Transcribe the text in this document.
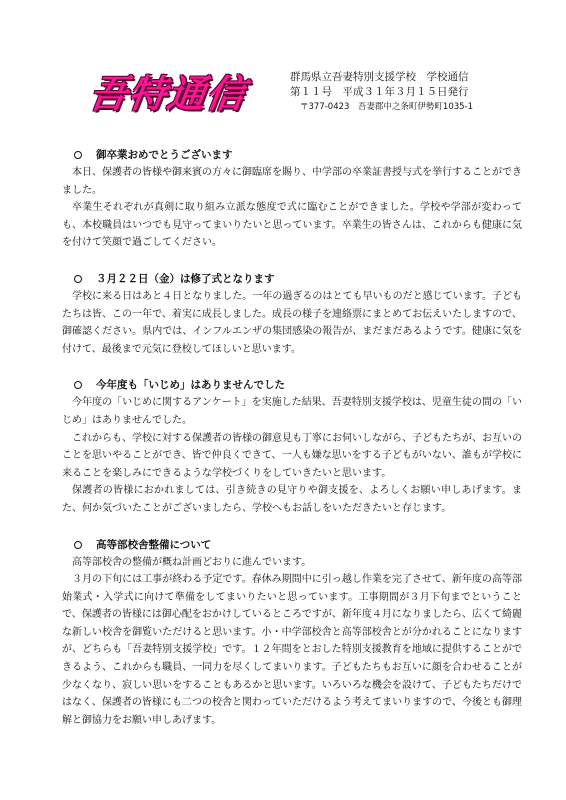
吾特通信	群馬県立吾妻特別支援学校　学校通信
第１１号　平成３１年３月１５日発行
〒377-0423　吾妻郡中之条町伊勢町1035-1
御卒業おめでとうございます

本日、保護者の皆様や御来賓の方々に御臨席を賜り、中学部の卒業証書授与式を挙行することができました。

卒業生それぞれが真剣に取り組み立派な態度で式に臨むことができました。学校や学部が変わっても、本校職員はいつでも見守ってまいりたいと思っています。卒業生の皆さんは、これからも健康に気を付けて笑顔で過ごしてください。

３月２２日（金）は修了式となります

学校に来る日はあと４日となりました。一年の過ぎるのはとても早いものだと感じています。子どもたちは皆、この一年で、着実に成長しました。成長の様子を連絡票にまとめてお伝えいたしますので、御確認ください。県内では、インフルエンザの集団感染の報告が、まだまだあるようです。健康に気を付けて、最後まで元気に登校してほしいと思います。

今年度も「いじめ」はありませんでした

今年度の「いじめに関するアンケート」を実施した結果、吾妻特別支援学校は、児童生徒の間の「いじめ」はありませんでした。

これからも、学校に対する保護者の皆様の御意見も丁寧にお伺いしながら、子どもたちが、お互いのことを思いやることができ、皆で仲良くできて、一人も嫌な思いをする子どもがいない、誰もが学校に来ることを楽しみにできるような学校づくりをしていきたいと思います。

保護者の皆様におかれましては、引き続きの見守りや御支援を、よろしくお願い申しあげます。また、何か気づいたことがございましたら、学校へもお話しをいただきたいと存じます。

高等部校舎整備について

高等部校舎の整備が概ね計画どおりに進んでいます。

３月の下旬には工事が終わる予定です。春休み期間中に引っ越し作業を完了させて、新年度の高等部始業式・入学式に向けて準備をしてまいりたいと思っています。工事期間が３月下旬までということで、保護者の皆様には御心配をおかけしているところですが、新年度４月になりましたら、広くて綺麗な新しい校舎を御覧いただけると思います。小・中学部校舎と高等部校舎とが分かれることになりますが、どちらも「吾妻特別支援学校」です。１２年間をとおした特別支援教育を地域に提供することができるよう、これからも職員、一同力を尽くしてまいります。子どもたちもお互いに顔を合わせることが少なくなり、寂しい思いをすることもあるかと思います。いろいろな機会を設けて、子どもたちだけではなく、保護者の皆様にも二つの校舎と関わっていただけるよう考えてまいりますので、今後とも御理解と御協力をお願い申しあげます。
